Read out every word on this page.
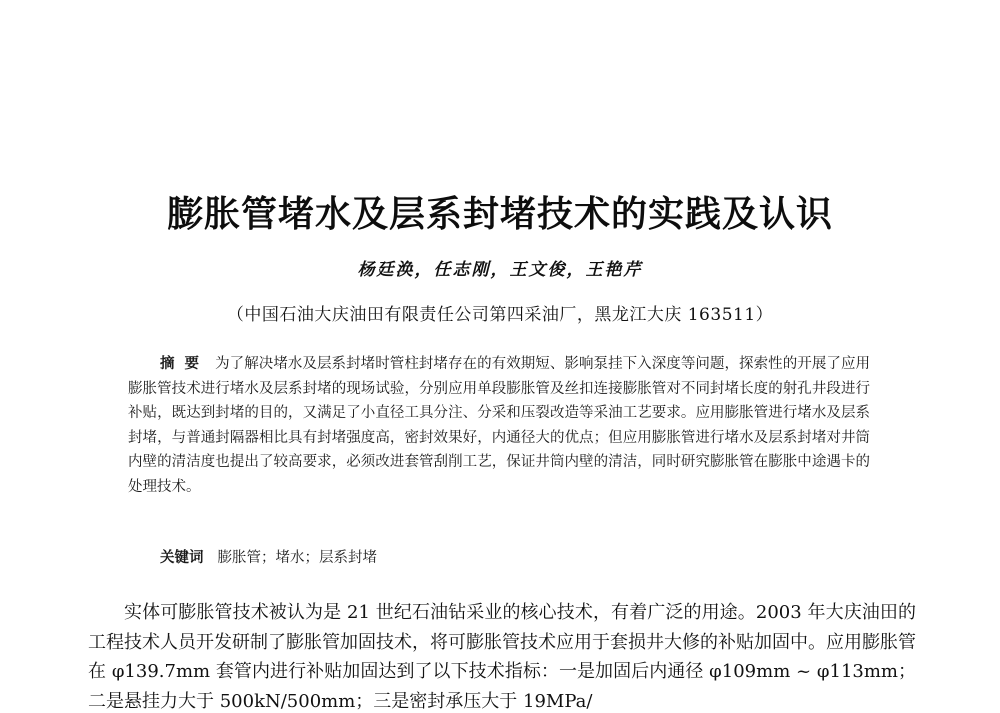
膨胀管堵水及层系封堵技术的实践及认识
杨廷涣，任志刚，王文俊，王艳芹
（中国石油大庆油田有限责任公司第四采油厂，黑龙江大庆 163511）
摘要 为了解决堵水及层系封堵时管柱封堵存在的有效期短、影响泵挂下入深度等问题，探索性的开展了应用膨胀管技术进行堵水及层系封堵的现场试验，分别应用单段膨胀管及丝扣连接膨胀管对不同封堵长度的射孔井段进行补贴，既达到封堵的目的，又满足了小直径工具分注、分采和压裂改造等采油工艺要求。应用膨胀管进行堵水及层系封堵，与普通封隔器相比具有封堵强度高，密封效果好，内通径大的优点；但应用膨胀管进行堵水及层系封堵对井筒内壁的清洁度也提出了较高要求，必须改进套管刮削工艺，保证井筒内壁的清洁，同时研究膨胀管在膨胀中途遇卡的处理技术。
关键词 膨胀管；堵水；层系封堵
实体可膨胀管技术被认为是 21 世纪石油钻采业的核心技术，有着广泛的用途。2003 年大庆油田的工程技术人员开发研制了膨胀管加固技术，将可膨胀管技术应用于套损井大修的补贴加固中。应用膨胀管在 φ139.7mm 套管内进行补贴加固达到了以下技术指标：一是加固后内通径 φ109mm ~ φ113mm；二是悬挂力大于 500kN/500mm；三是密封承压大于 19MPa/
